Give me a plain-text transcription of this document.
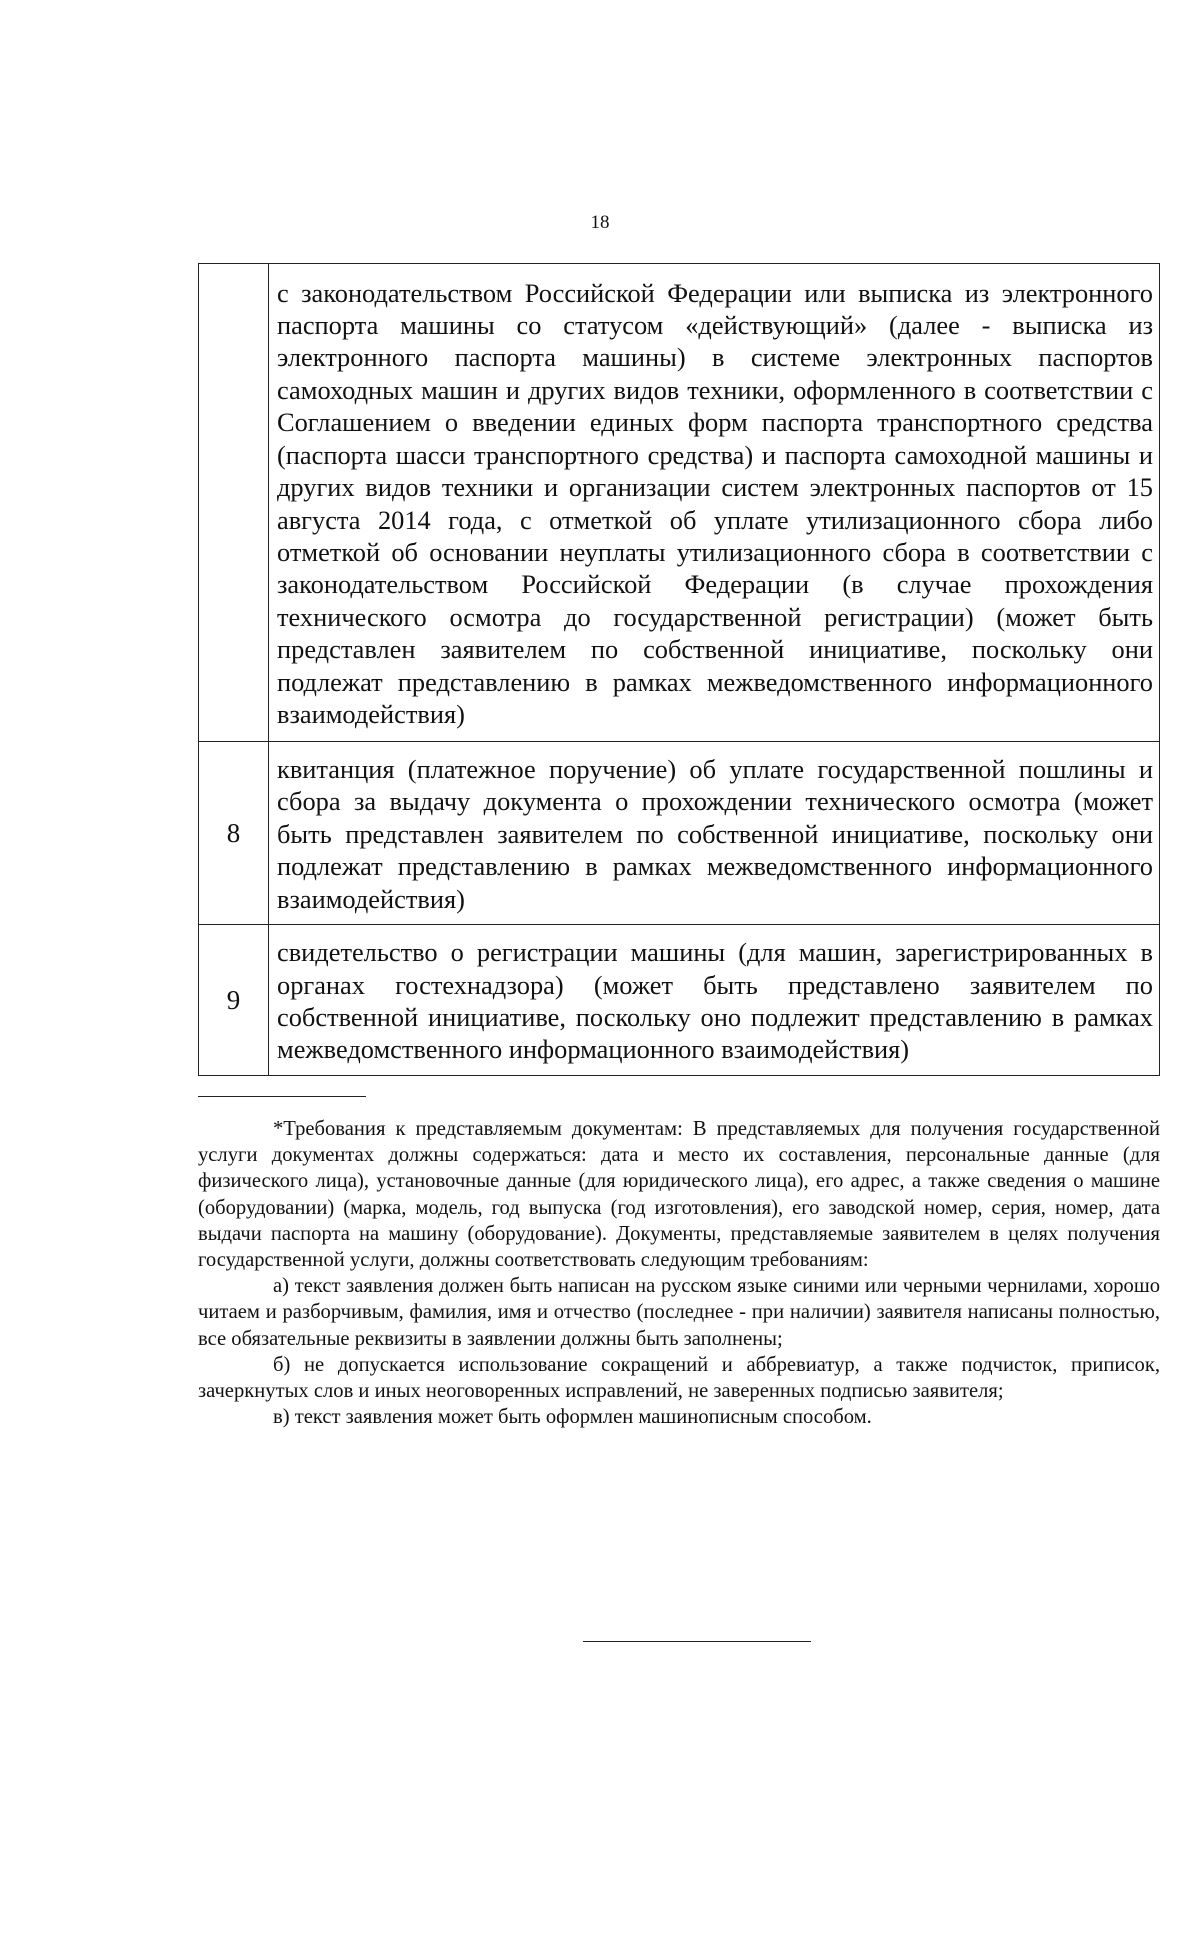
18
	с законодательством Российской Федерации или выписка из электронного паспорта машины со статусом «действующий» (далее - выписка из электронного паспорта машины) в системе электронных паспортов самоходных машин и других видов техники, оформленного в соответствии с Соглашением о введении единых форм паспорта транспортного средства (паспорта шасси транспортного средства) и паспорта самоходной машины и других видов техники и организации систем электронных паспортов от 15 августа 2014 года, с отметкой об уплате утилизационного сбора либо отметкой об основании неуплаты утилизационного сбора в соответствии с законодательством Российской Федерации (в случае прохождения технического осмотра до государственной регистрации) (может быть представлен заявителем по собственной инициативе, поскольку они подлежат представлению в рамках межведомственного информационного взаимодействия)
8	квитанция (платежное поручение) об уплате государственной пошлины и сбора за выдачу документа о прохождении технического осмотра (может быть представлен заявителем по собственной инициативе, поскольку они подлежат представлению в рамках межведомственного информационного взаимодействия)
9	свидетельство о регистрации машины (для машин, зарегистрированных в органах гостехнадзора) (может быть представлено заявителем по собственной инициативе, поскольку оно подлежит представлению в рамках межведомственного информационного взаимодействия)

*Требования к представляемым документам: В представляемых для получения государственной услуги документах должны содержаться: дата и место их составления, персональные данные (для физического лица), установочные данные (для юридического лица), его адрес, а также сведения о машине (оборудовании) (марка, модель, год выпуска (год изготовления), его заводской номер, серия, номер, дата выдачи паспорта на машину (оборудование). Документы, представляемые заявителем в целях получения государственной услуги, должны соответствовать следующим требованиям:

а) текст заявления должен быть написан на русском языке синими или черными чернилами, хорошо читаем и разборчивым, фамилия, имя и отчество (последнее - при наличии) заявителя написаны полностью, все обязательные реквизиты в заявлении должны быть заполнены;

б) не допускается использование сокращений и аббревиатур, а также подчисток, приписок, зачеркнутых слов и иных неоговоренных исправлений, не заверенных подписью заявителя;

в) текст заявления может быть оформлен машинописным способом.
